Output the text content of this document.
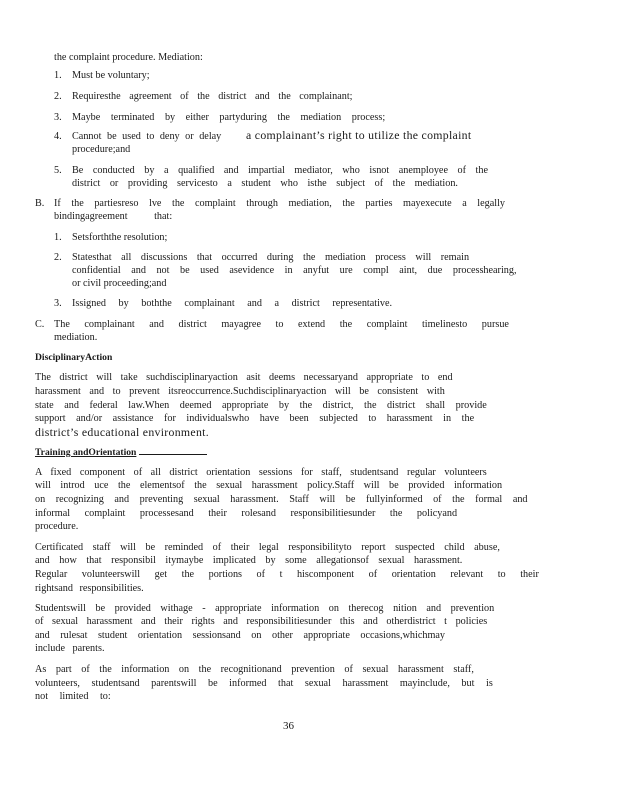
the complaint procedure. Mediation:
1. Must be voluntary;
2. Requiresthe agreement of the district and the complainant;
3. Maybe terminated by either partyduring the mediation process;
4. Cannot be used to deny or delay a complainant’s right to utilize the complaint
procedure;and
5. Be conducted by a qualified and impartial mediator, who isnot anemployee of the
district or providing servicesto a student who isthe subject of the mediation.
B. If the partiesreso lve the complaint through mediation, the parties mayexecute a legally
bindingagreement that:
1. Setsforththe resolution;
2. Statesthat all discussions that occurred during the mediation process will remain
confidential and not be used asevidence in anyfut ure compl aint, due processhearing,
or civil proceeding;and
3. Issigned by boththe complainant and a district representative.
C. The complainant and district mayagree to extend the complaint timelinesto pursue
mediation.
DisciplinaryAction
The district will take suchdisciplinaryaction asit deems necessaryand appropriate to end
harassment and to prevent itsreoccurrence.Suchdisciplinaryaction will be consistent with
state and federal law.When deemed appropriate by the district, the district shall provide
support and/or assistance for individualswho have been subjected to harassment in the
district’s educational environment.
Training andOrientation
A fixed component of all district orientation sessions for staff, studentsand regular volunteers
will introd uce the elementsof the sexual harassment policy.Staff will be provided information
on recognizing and preventing sexual harassment. Staff will be fullyinformed of the formal and
informal complaint processesand their rolesand responsibilitiesunder the policyand
procedure.
Certificated staff will be reminded of their legal responsibilityto report suspected child abuse,
and how that responsibil itymaybe implicated by some allegationsof sexual harassment.
Regular volunteerswill get the portions of t hiscomponent of orientation relevant to their
rightsand responsibilities.
Studentswill be provided withage - appropriate information on therecog nition and prevention
of sexual harassment and their rights and responsibilitiesunder this and otherdistrict t policies
and rulesat student orientation sessionsand on other appropriate occasions,whichmay
include parents.
As part of the information on the recognitionand prevention of sexual harassment staff,
volunteers, studentsand parentswill be informed that sexual harassment mayinclude, but is
not limited to:
36
